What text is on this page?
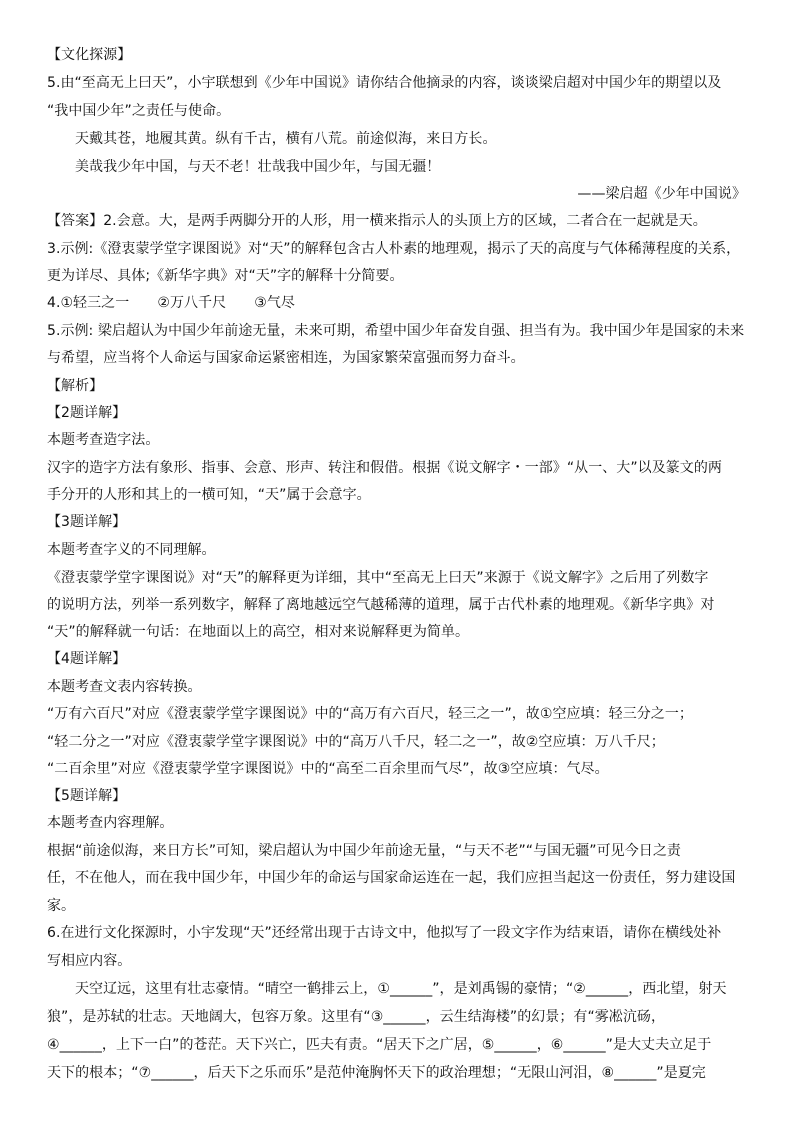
【文化探源】
5.由“至高无上曰天”，小宇联想到《少年中国说》请你结合他摘录的内容，谈谈梁启超对中国少年的期望以及
“我中国少年”之责任与使命。
天戴其苍，地履其黄。纵有千古，横有八荒。前途似海，来日方长。
美哉我少年中国，与天不老！壮哉我中国少年，与国无疆！
——梁启超《少年中国说》
【答案】2.会意。大，是两手两脚分开的人形，用一横来指示人的头顶上方的区域，二者合在一起就是天。
3.示例:《澄衷蒙学堂字课图说》对“天”的解释包含古人朴素的地理观，揭示了天的高度与气体稀薄程度的关系，
更为详尽、具体;《新华字典》对“天”字的解释十分简要。
4.①轻三之一　　②万八千尺　　③气尽
5.示例: 梁启超认为中国少年前途无量，未来可期，希望中国少年奋发自强、担当有为。我中国少年是国家的未来
与希望，应当将个人命运与国家命运紧密相连，为国家繁荣富强而努力奋斗。
【解析】
【2题详解】
本题考查造字法。
汉字的造字方法有象形、指事、会意、形声、转注和假借。根据《说文解字・一部》“从一、大”以及篆文的两
手分开的人形和其上的一横可知，“天”属于会意字。
【3题详解】
本题考查字义的不同理解。
《澄衷蒙学堂字课图说》对“天”的解释更为详细，其中“至高无上曰天”来源于《说文解字》之后用了列数字
的说明方法，列举一系列数字，解释了离地越远空气越稀薄的道理，属于古代朴素的地理观。《新华字典》对
“天”的解释就一句话：在地面以上的高空，相对来说解释更为简单。
【4题详解】
本题考查文表内容转换。
“万有六百尺”对应《澄衷蒙学堂字课图说》中的“高万有六百尺，轻三之一”，故①空应填：轻三分之一；
“轻二分之一”对应《澄衷蒙学堂字课图说》中的“高万八千尺，轻二之一”，故②空应填：万八千尺；
“二百余里”对应《澄衷蒙学堂字课图说》中的“高至二百余里而气尽”，故③空应填：气尽。
【5题详解】
本题考查内容理解。
根据“前途似海，来日方长”可知，梁启超认为中国少年前途无量，“与天不老”“与国无疆”可见今日之责
任，不在他人，而在我中国少年，中国少年的命运与国家命运连在一起，我们应担当起这一份责任，努力建设国
家。
6.在进行文化探源时，小宇发现“天”还经常出现于古诗文中，他拟写了一段文字作为结束语，请你在横线处补
写相应内容。
天空辽远，这里有壮志豪情。“晴空一鹤排云上，①______”，是刘禹锡的豪情；“②______，西北望，射天
狼”，是苏轼的壮志。天地阔大，包容万象。这里有“③______，云生结海楼”的幻景；有“雾凇沆砀，
④______，上下一白”的苍茫。天下兴亡，匹夫有责。“居天下之广居，⑤______，⑥______”是大丈夫立足于
天下的根本；“⑦______，后天下之乐而乐”是范仲淹胸怀天下的政治理想；“无限山河泪，⑧______”是夏完
